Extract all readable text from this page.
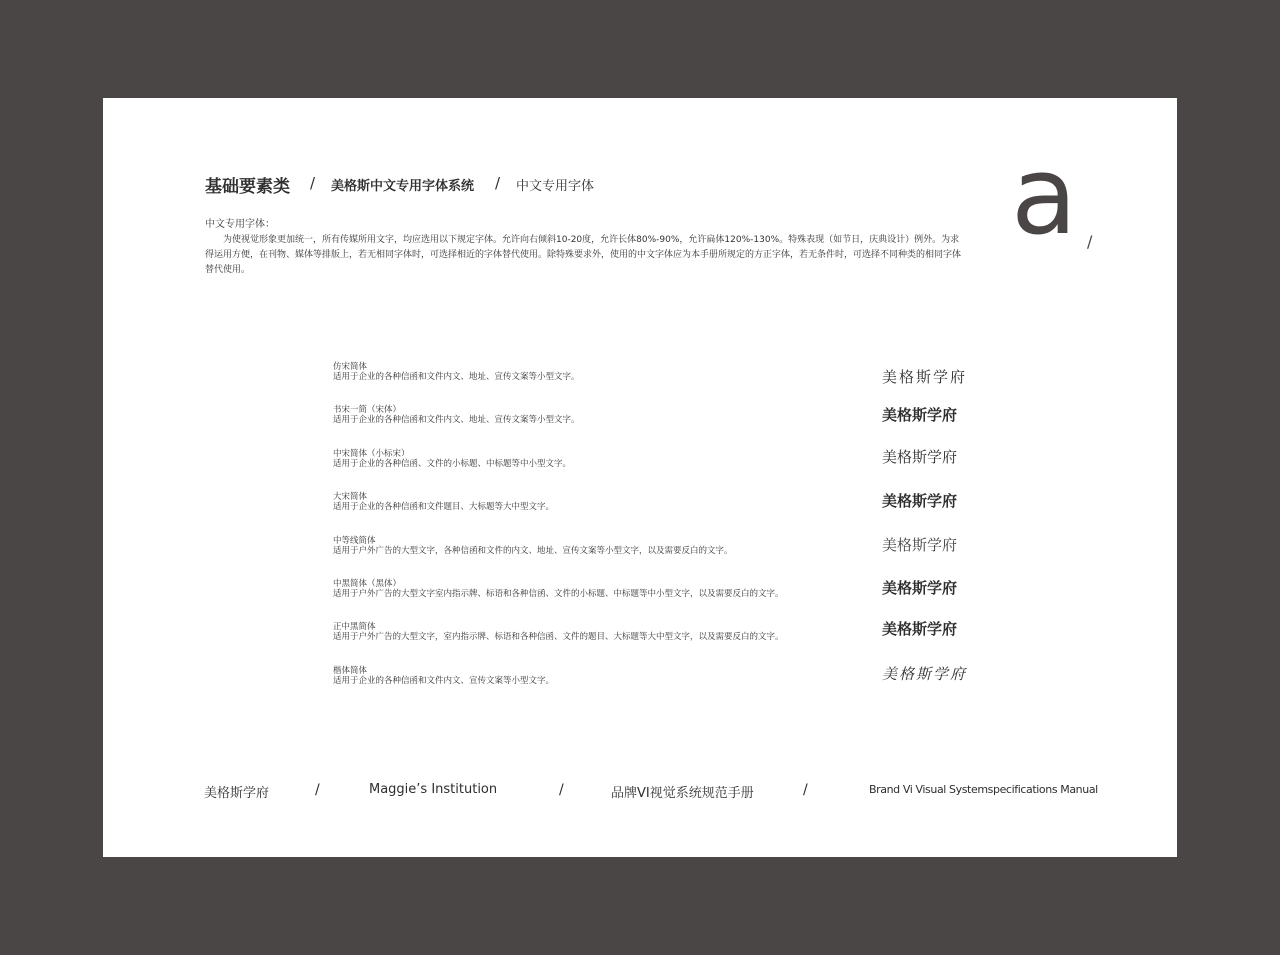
基础要素类 / 美格斯中文专用字体系统 / 中文专用字体	a /
中文专用字体：
为使视觉形象更加统一，所有传媒所用文字，均应选用以下规定字体。允许向右倾斜10-20度，允许长体80%-90%，允许扁体120%-130%。特殊表现（如节日，庆典设计）例外。为求得运用方便，在刊物、媒体等排版上，若无相同字体时，可选择相近的字体替代使用。除特殊要求外，使用的中文字体应为本手册所规定的方正字体，若无条件时，可选择不同种类的相同字体替代使用。
仿宋简体
适用于企业的各种信函和文件内文、地址、宣传文案等小型文字。	美格斯学府
书宋一简（宋体）
适用于企业的各种信函和文件内文、地址、宣传文案等小型文字。	美格斯学府
中宋简体（小标宋）
适用于企业的各种信函、文件的小标题、中标题等中小型文字。	美格斯学府
大宋简体
适用于企业的各种信函和文件题目、大标题等大中型文字。	美格斯学府
中等线简体
适用于户外广告的大型文字，各种信函和文件的内文、地址、宣传文案等小型文字，以及需要反白的文字。	美格斯学府
中黑简体（黑体）
适用于户外广告的大型文字室内指示牌、标语和各种信函、文件的小标题、中标题等中小型文字，以及需要反白的文字。	美格斯学府
正中黑简体
适用于户外广告的大型文字，室内指示牌、标语和各种信函、文件的题目、大标题等大中型文字，以及需要反白的文字。	美格斯学府
楷体简体
适用于企业的各种信函和文件内文、宣传文案等小型文字。	美格斯学府
美格斯学府	/	Maggie’s Institution	/	品牌VI视觉系统规范手册	/	Brand Vi Visual Systemspecifications Manual
